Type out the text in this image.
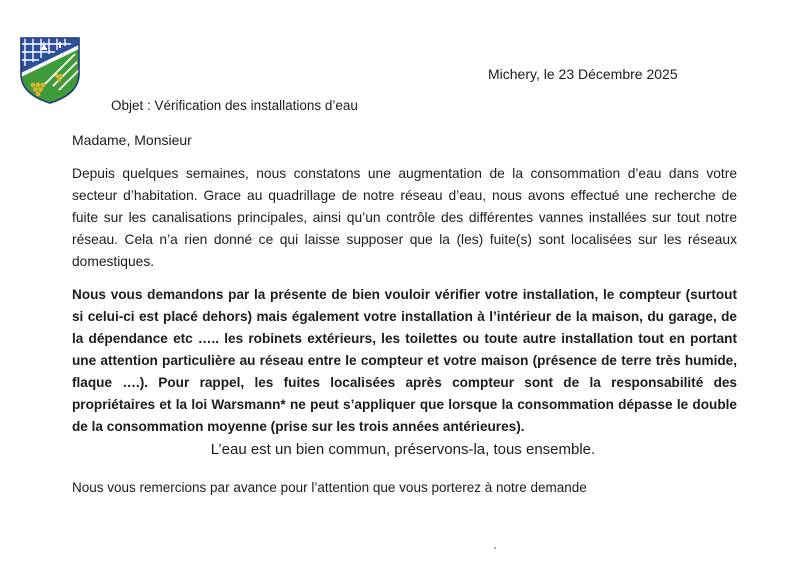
Michery, le 23 Décembre 2025
Objet : Vérification des installations d’eau
Madame, Monsieur
Depuis quelques semaines, nous constatons une augmentation de la consommation d’eau dans votre secteur d’habitation. Grace au quadrillage de notre réseau d’eau, nous avons effectué une recherche de fuite sur les canalisations principales, ainsi qu’un contrôle des différentes vannes installées sur tout notre réseau. Cela n’a rien donné ce qui laisse supposer que la (les) fuite(s) sont localisées sur les réseaux domestiques.
Nous vous demandons par la présente de bien vouloir vérifier votre installation, le compteur (surtout si celui-ci est placé dehors) mais également votre installation à l’intérieur de la maison, du garage, de la dépendance etc ….. les robinets extérieurs, les toilettes ou toute autre installation tout en portant une attention particulière au réseau entre le compteur et votre maison (présence de terre très humide, flaque ….). Pour rappel, les fuites localisées après compteur sont de la responsabilité des propriétaires et la loi Warsmann* ne peut s’appliquer que lorsque la consommation dépasse le double de la consommation moyenne (prise sur les trois années antérieures).
L’eau est un bien commun, préservons-la, tous ensemble.
Nous vous remercions par avance pour l’attention que vous porterez à notre demande
